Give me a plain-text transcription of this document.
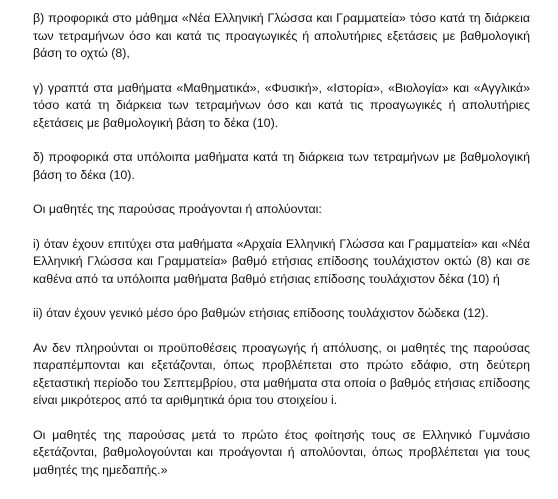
β) προφορικά στο μάθημα «Νέα Ελληνική Γλώσσα και Γραμματεία» τόσο κατά τη διάρκεια των τετραμήνων όσο και κατά τις προαγωγικές ή απολυτήριες εξετάσεις με βαθμολογική βάση το οχτώ (8),

γ) γραπτά στα μαθήματα «Μαθηματικά», «Φυσική», «Ιστορία», «Βιολογία» και «Αγγλικά» τόσο κατά τη διάρκεια των τετραμήνων όσο και κατά τις προαγωγικές ή απολυτήριες εξετάσεις με βαθμολογική βάση το δέκα (10).

δ) προφορικά στα υπόλοιπα μαθήματα κατά τη διάρκεια των τετραμήνων με βαθμολογική βάση το δέκα (10).

Οι μαθητές της παρούσας προάγονται ή απολύονται:

i) όταν έχουν επιτύχει στα μαθήματα «Αρχαία Ελληνική Γλώσσα και Γραμματεία» και «Νέα Ελληνική Γλώσσα και Γραμματεία» βαθμό ετήσιας επίδοσης τουλάχιστον οκτώ (8) και σε καθένα από τα υπόλοιπα μαθήματα βαθμό ετήσιας επίδοσης τουλάχιστον δέκα (10) ή

ii) όταν έχουν γενικό μέσο όρο βαθμών ετήσιας επίδοσης τουλάχιστον δώδεκα (12).

Αν δεν πληρούνται οι προϋποθέσεις προαγωγής ή απόλυσης, οι μαθητές της παρούσας παραπέμπονται και εξετάζονται, όπως προβλέπεται στο πρώτο εδάφιο, στη δεύτερη εξεταστική περίοδο του Σεπτεμβρίου, στα μαθήματα στα οποία ο βαθμός ετήσιας επίδοσης είναι μικρότερος από τα αριθμητικά όρια του στοιχείου i.

Οι μαθητές της παρούσας μετά το πρώτο έτος φοίτησής τους σε Ελληνικό Γυμνάσιο εξετάζονται, βαθμολογούνται και προάγονται ή απολύονται, όπως προβλέπεται για τους μαθητές της ημεδαπής.»
